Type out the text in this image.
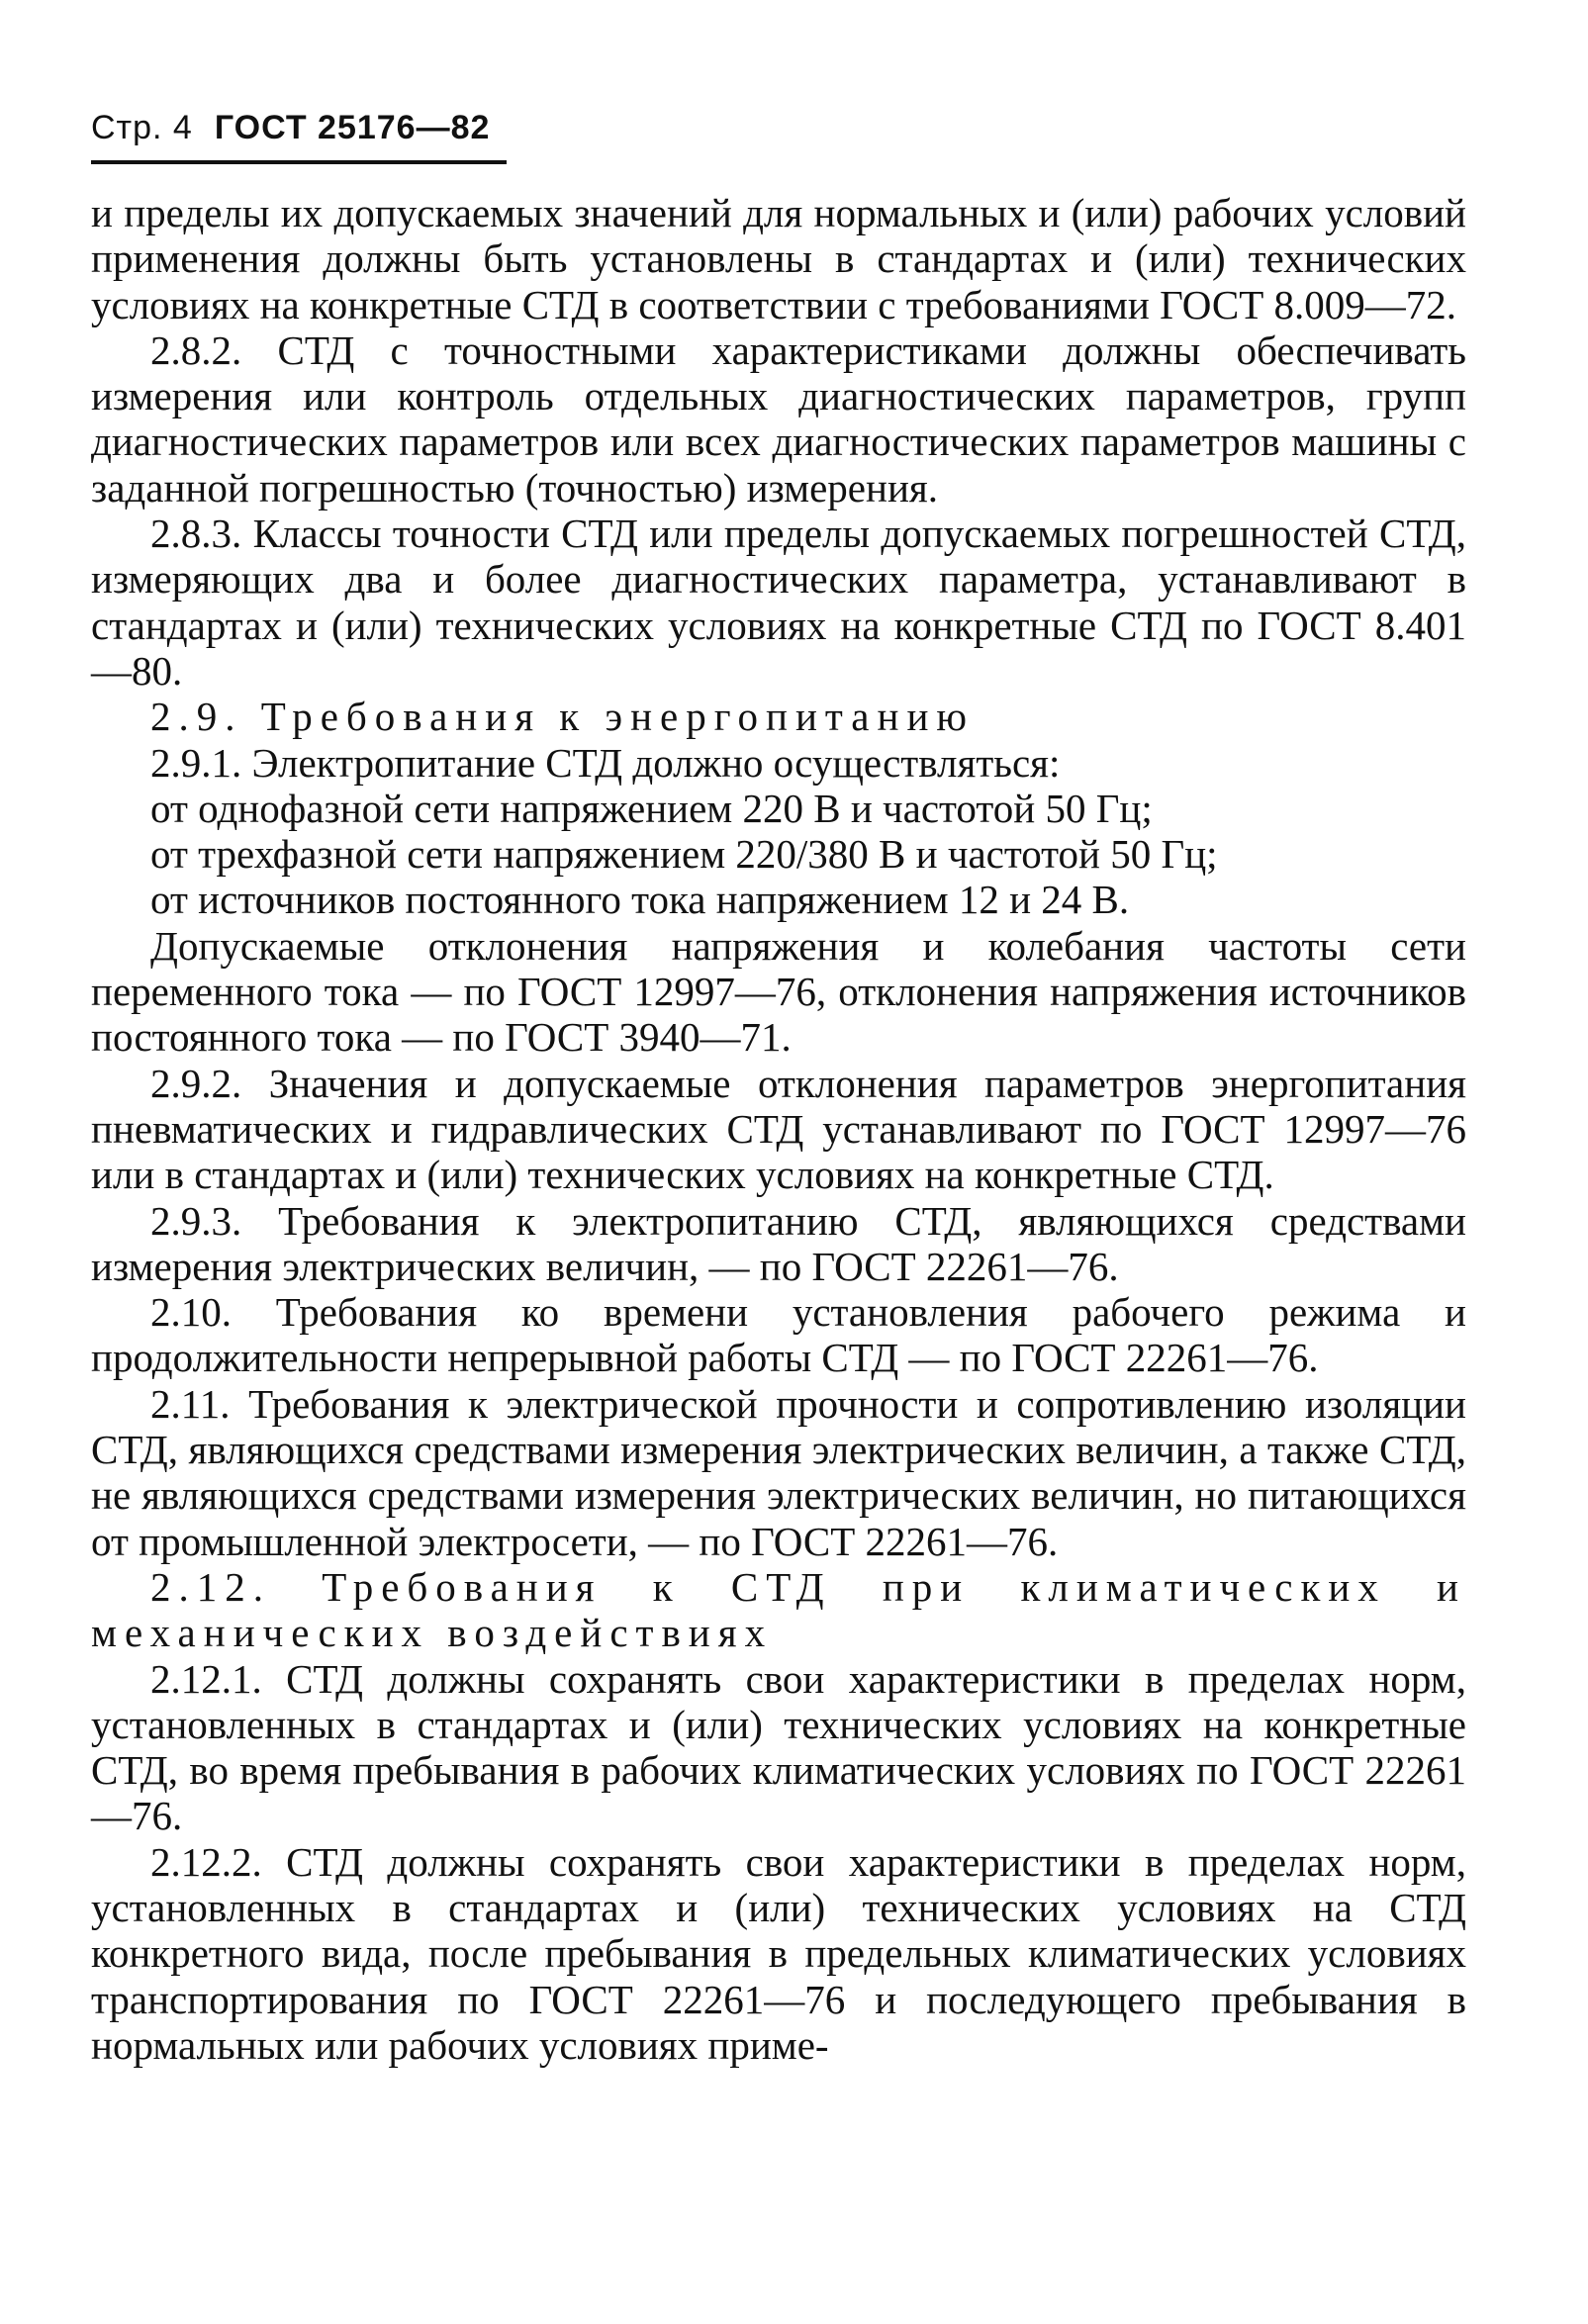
Стр. 4 ГОСТ 25176—82

и пределы их допускаемых значений для нормальных и (или) рабочих условий применения должны быть установлены в стандартах и (или) технических условиях на конкретные СТД в соответствии с требованиями ГОСТ 8.009—72.

2.8.2. СТД с точностными характеристиками должны обеспечивать измерения или контроль отдельных диагностических параметров, групп диагностических параметров или всех диагностических параметров машины с заданной погрешностью (точностью) измерения.

2.8.3. Классы точности СТД или пределы допускаемых погрешностей СТД, измеряющих два и более диагностических параметра, устанавливают в стандартах и (или) технических условиях на конкретные СТД по ГОСТ 8.401—80.

2.9. Требования к энергопитанию

2.9.1. Электропитание СТД должно осуществляться:

от однофазной сети напряжением 220 В и частотой 50 Гц;

от трехфазной сети напряжением 220/380 В и частотой 50 Гц;

от источников постоянного тока напряжением 12 и 24 В.

Допускаемые отклонения напряжения и колебания частоты сети переменного тока — по ГОСТ 12997—76, отклонения напряжения источников постоянного тока — по ГОСТ 3940—71.

2.9.2. Значения и допускаемые отклонения параметров энергопитания пневматических и гидравлических СТД устанавливают по ГОСТ 12997—76 или в стандартах и (или) технических условиях на конкретные СТД.

2.9.3. Требования к электропитанию СТД, являющихся средствами измерения электрических величин, — по ГОСТ 22261—76.

2.10. Требования ко времени установления рабочего режима и продолжительности непрерывной работы СТД — по ГОСТ 22261—76.

2.11. Требования к электрической прочности и сопротивлению изоляции СТД, являющихся средствами измерения электрических величин, а также СТД, не являющихся средствами измерения электрических величин, но питающихся от промышленной электросети, — по ГОСТ 22261—76.

2.12. Требования к СТД при климатических и механических воздействиях

2.12.1. СТД должны сохранять свои характеристики в пределах норм, установленных в стандартах и (или) технических условиях на конкретные СТД, во время пребывания в рабочих климатических условиях по ГОСТ 22261—76.

2.12.2. СТД должны сохранять свои характеристики в пределах норм, установленных в стандартах и (или) технических условиях на СТД конкретного вида, после пребывания в предельных климатических условиях транспортирования по ГОСТ 22261—76 и последующего пребывания в нормальных или рабочих условиях приме-
